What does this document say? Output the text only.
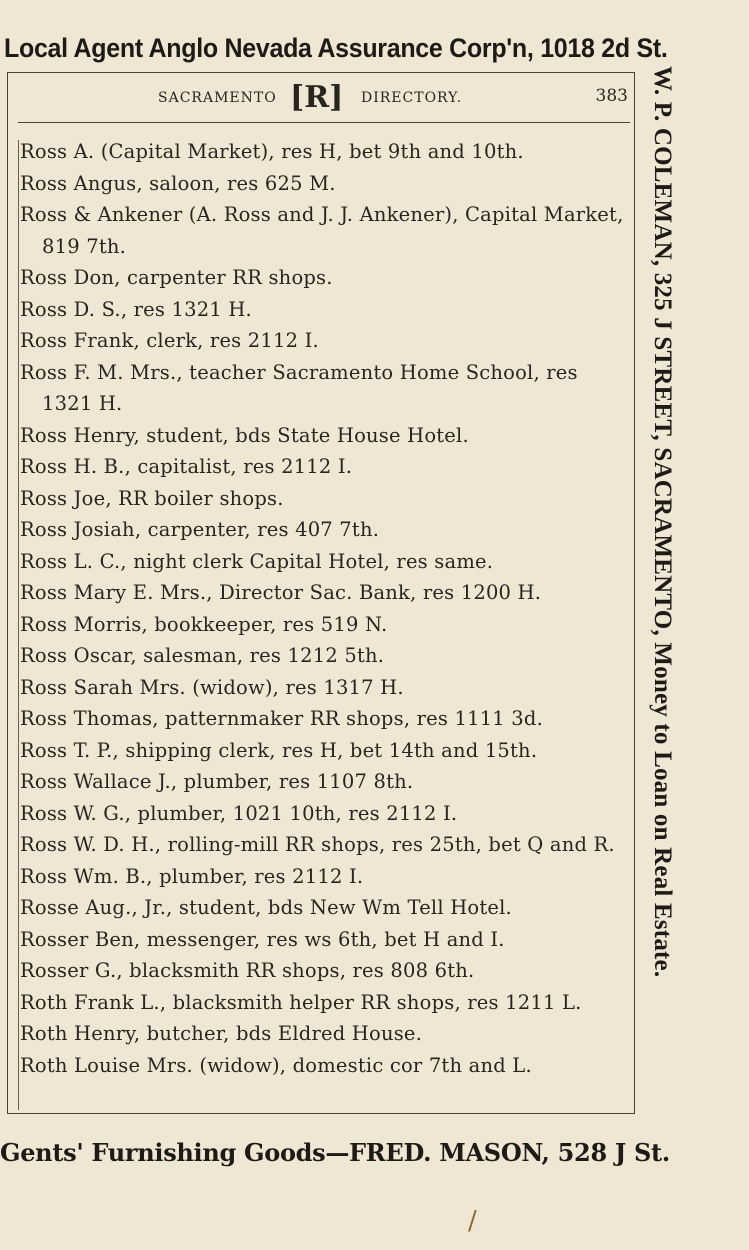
Local Agent Anglo Nevada Assurance Corp'n, 1018 2d St.
SACRAMENTO [R] DIRECTORY.	383

Ross A. (Capital Market), res H, bet 9th and 10th.

Ross Angus, saloon, res 625 M.

Ross & Ankener (A. Ross and J. J. Ankener), Capital Market, 819 7th.

Ross Don, carpenter RR shops.

Ross D. S., res 1321 H.

Ross Frank, clerk, res 2112 I.

Ross F. M. Mrs., teacher Sacramento Home School, res 1321 H.

Ross Henry, student, bds State House Hotel.

Ross H. B., capitalist, res 2112 I.

Ross Joe, RR boiler shops.

Ross Josiah, carpenter, res 407 7th.

Ross L. C., night clerk Capital Hotel, res same.

Ross Mary E. Mrs., Director Sac. Bank, res 1200 H.

Ross Morris, bookkeeper, res 519 N.

Ross Oscar, salesman, res 1212 5th.

Ross Sarah Mrs. (widow), res 1317 H.

Ross Thomas, patternmaker RR shops, res 1111 3d.

Ross T. P., shipping clerk, res H, bet 14th and 15th.

Ross Wallace J., plumber, res 1107 8th.

Ross W. G., plumber, 1021 10th, res 2112 I.

Ross W. D. H., rolling-mill RR shops, res 25th, bet Q and R.

Ross Wm. B., plumber, res 2112 I.

Rosse Aug., Jr., student, bds New Wm Tell Hotel.

Rosser Ben, messenger, res ws 6th, bet H and I.

Rosser G., blacksmith RR shops, res 808 6th.

Roth Frank L., blacksmith helper RR shops, res 1211 L.

Roth Henry, butcher, bds Eldred House.

Roth Louise Mrs. (widow), domestic cor 7th and L.

W. P. COLEMAN, 325 J STREET, SACRAMENTO, Money to Loan on Real Estate.
Gents' Furnishing Goods—FRED. MASON, 528 J St.
/
